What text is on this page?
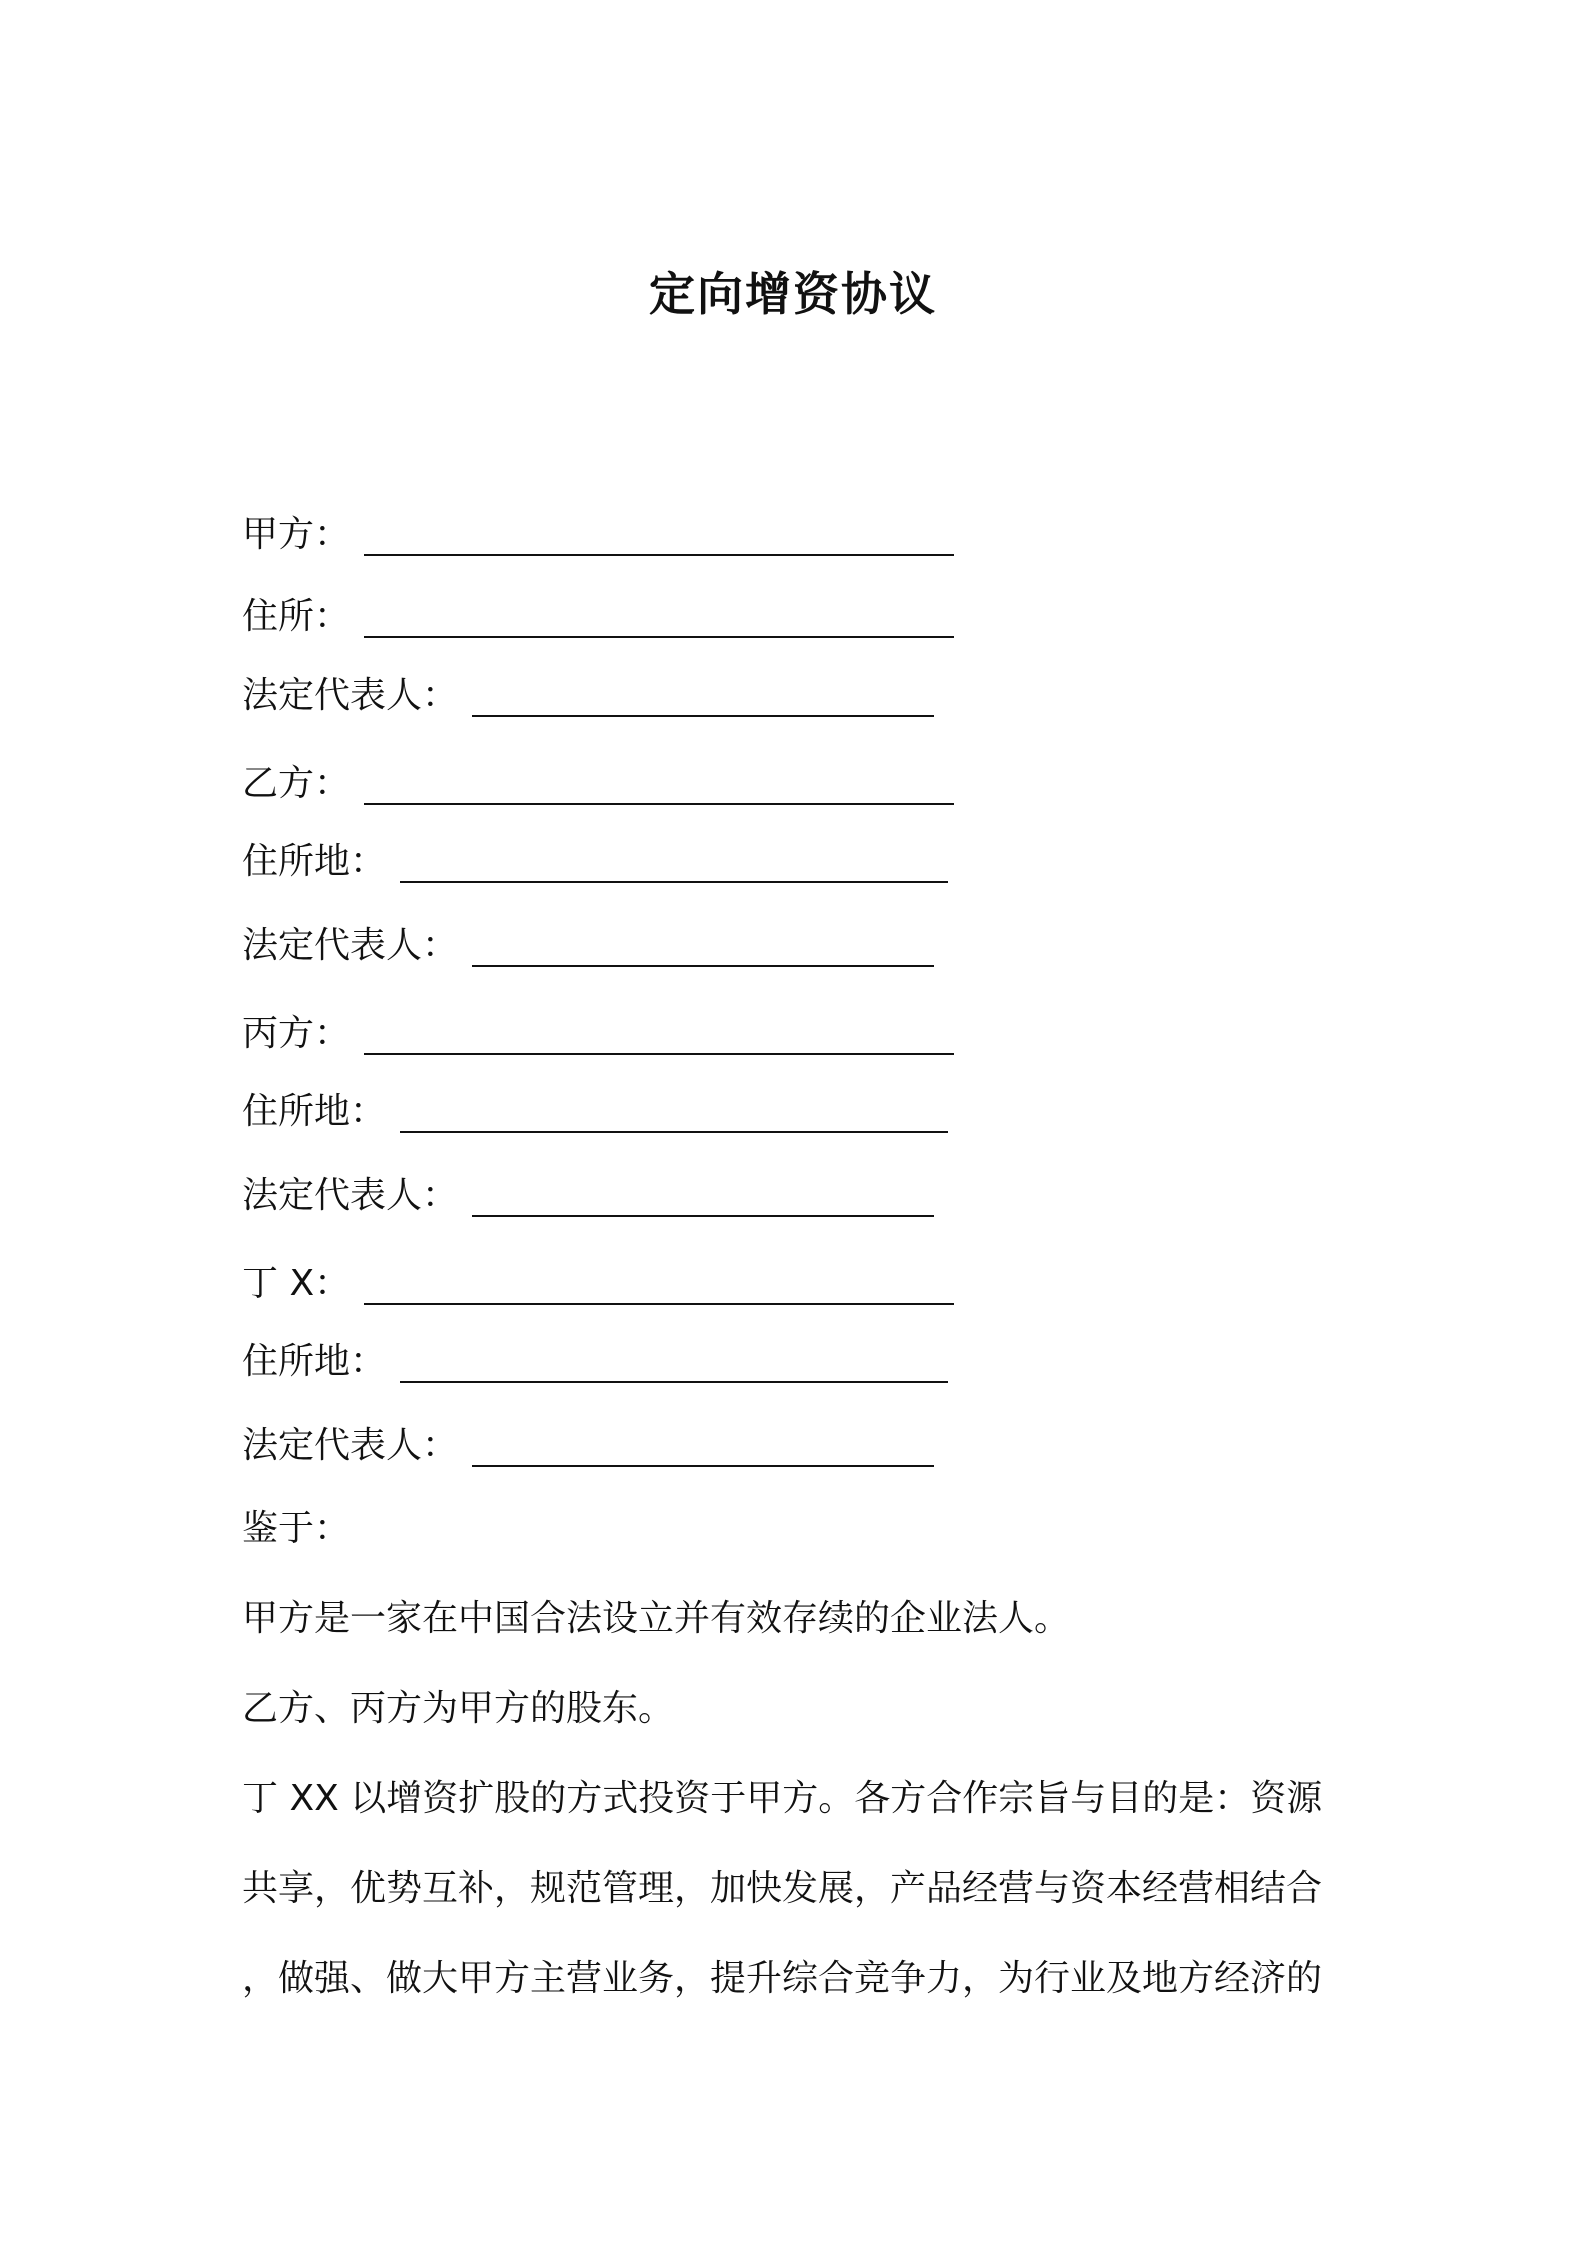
定向增资协议
甲方：
住所：
法定代表人：
乙方：
住所地：
法定代表人：
丙方：
住所地：
法定代表人：
丁 X：
住所地：
法定代表人：

鉴于：

甲方是一家在中国合法设立并有效存续的企业法人。

乙方、丙方为甲方的股东。

丁 XX 以增资扩股的方式投资于甲方。各方合作宗旨与目的是：资源

共享，优势互补，规范管理，加快发展，产品经营与资本经营相结合

，做强、做大甲方主营业务，提升综合竞争力，为行业及地方经济的
